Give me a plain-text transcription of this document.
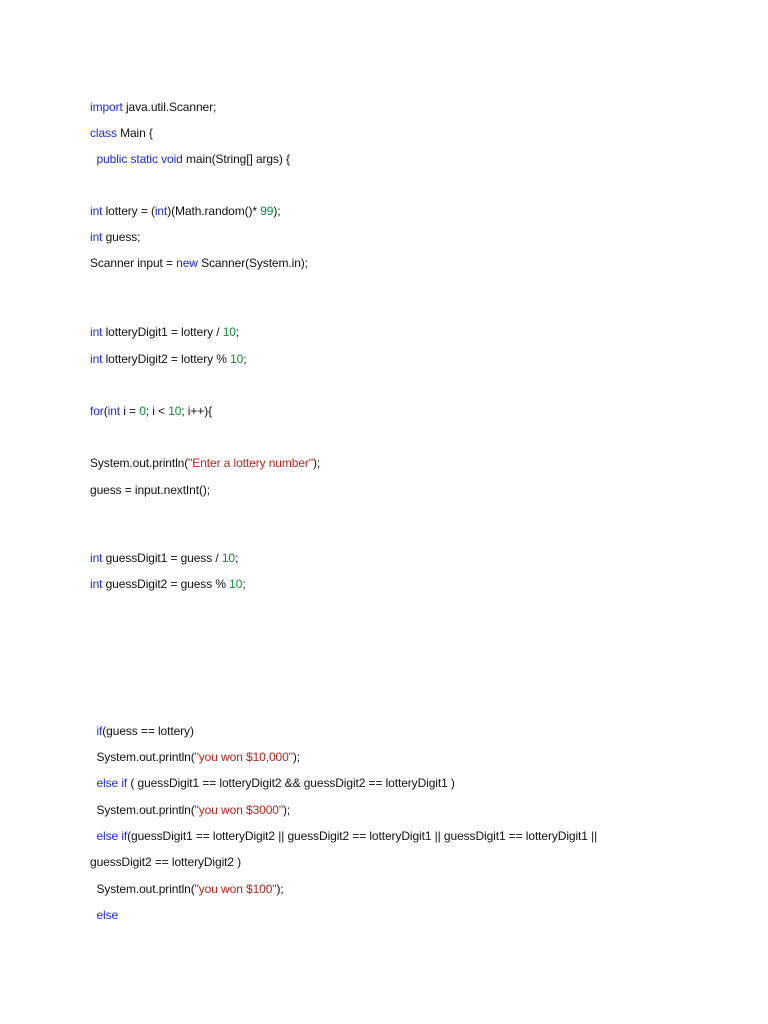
import java.util.Scanner;
class Main {
public static void main(String[] args) {
int lottery = (int)(Math.random()* 99);
int guess;
Scanner input = new Scanner(System.in);
int lotteryDigit1 = lottery / 10;
int lotteryDigit2 = lottery % 10;
for(int i = 0; i < 10; i++){
System.out.println("Enter a lottery number");
guess = input.nextInt();
int guessDigit1 = guess / 10;
int guessDigit2 = guess % 10;
if(guess == lottery)
System.out.println("you won $10,000");
else if ( guessDigit1 == lotteryDigit2 && guessDigit2 == lotteryDigit1 )
System.out.println("you won $3000");
else if(guessDigit1 == lotteryDigit2 || guessDigit2 == lotteryDigit1 || guessDigit1 == lotteryDigit1 ||
guessDigit2 == lotteryDigit2 )
System.out.println("you won $100");
else
